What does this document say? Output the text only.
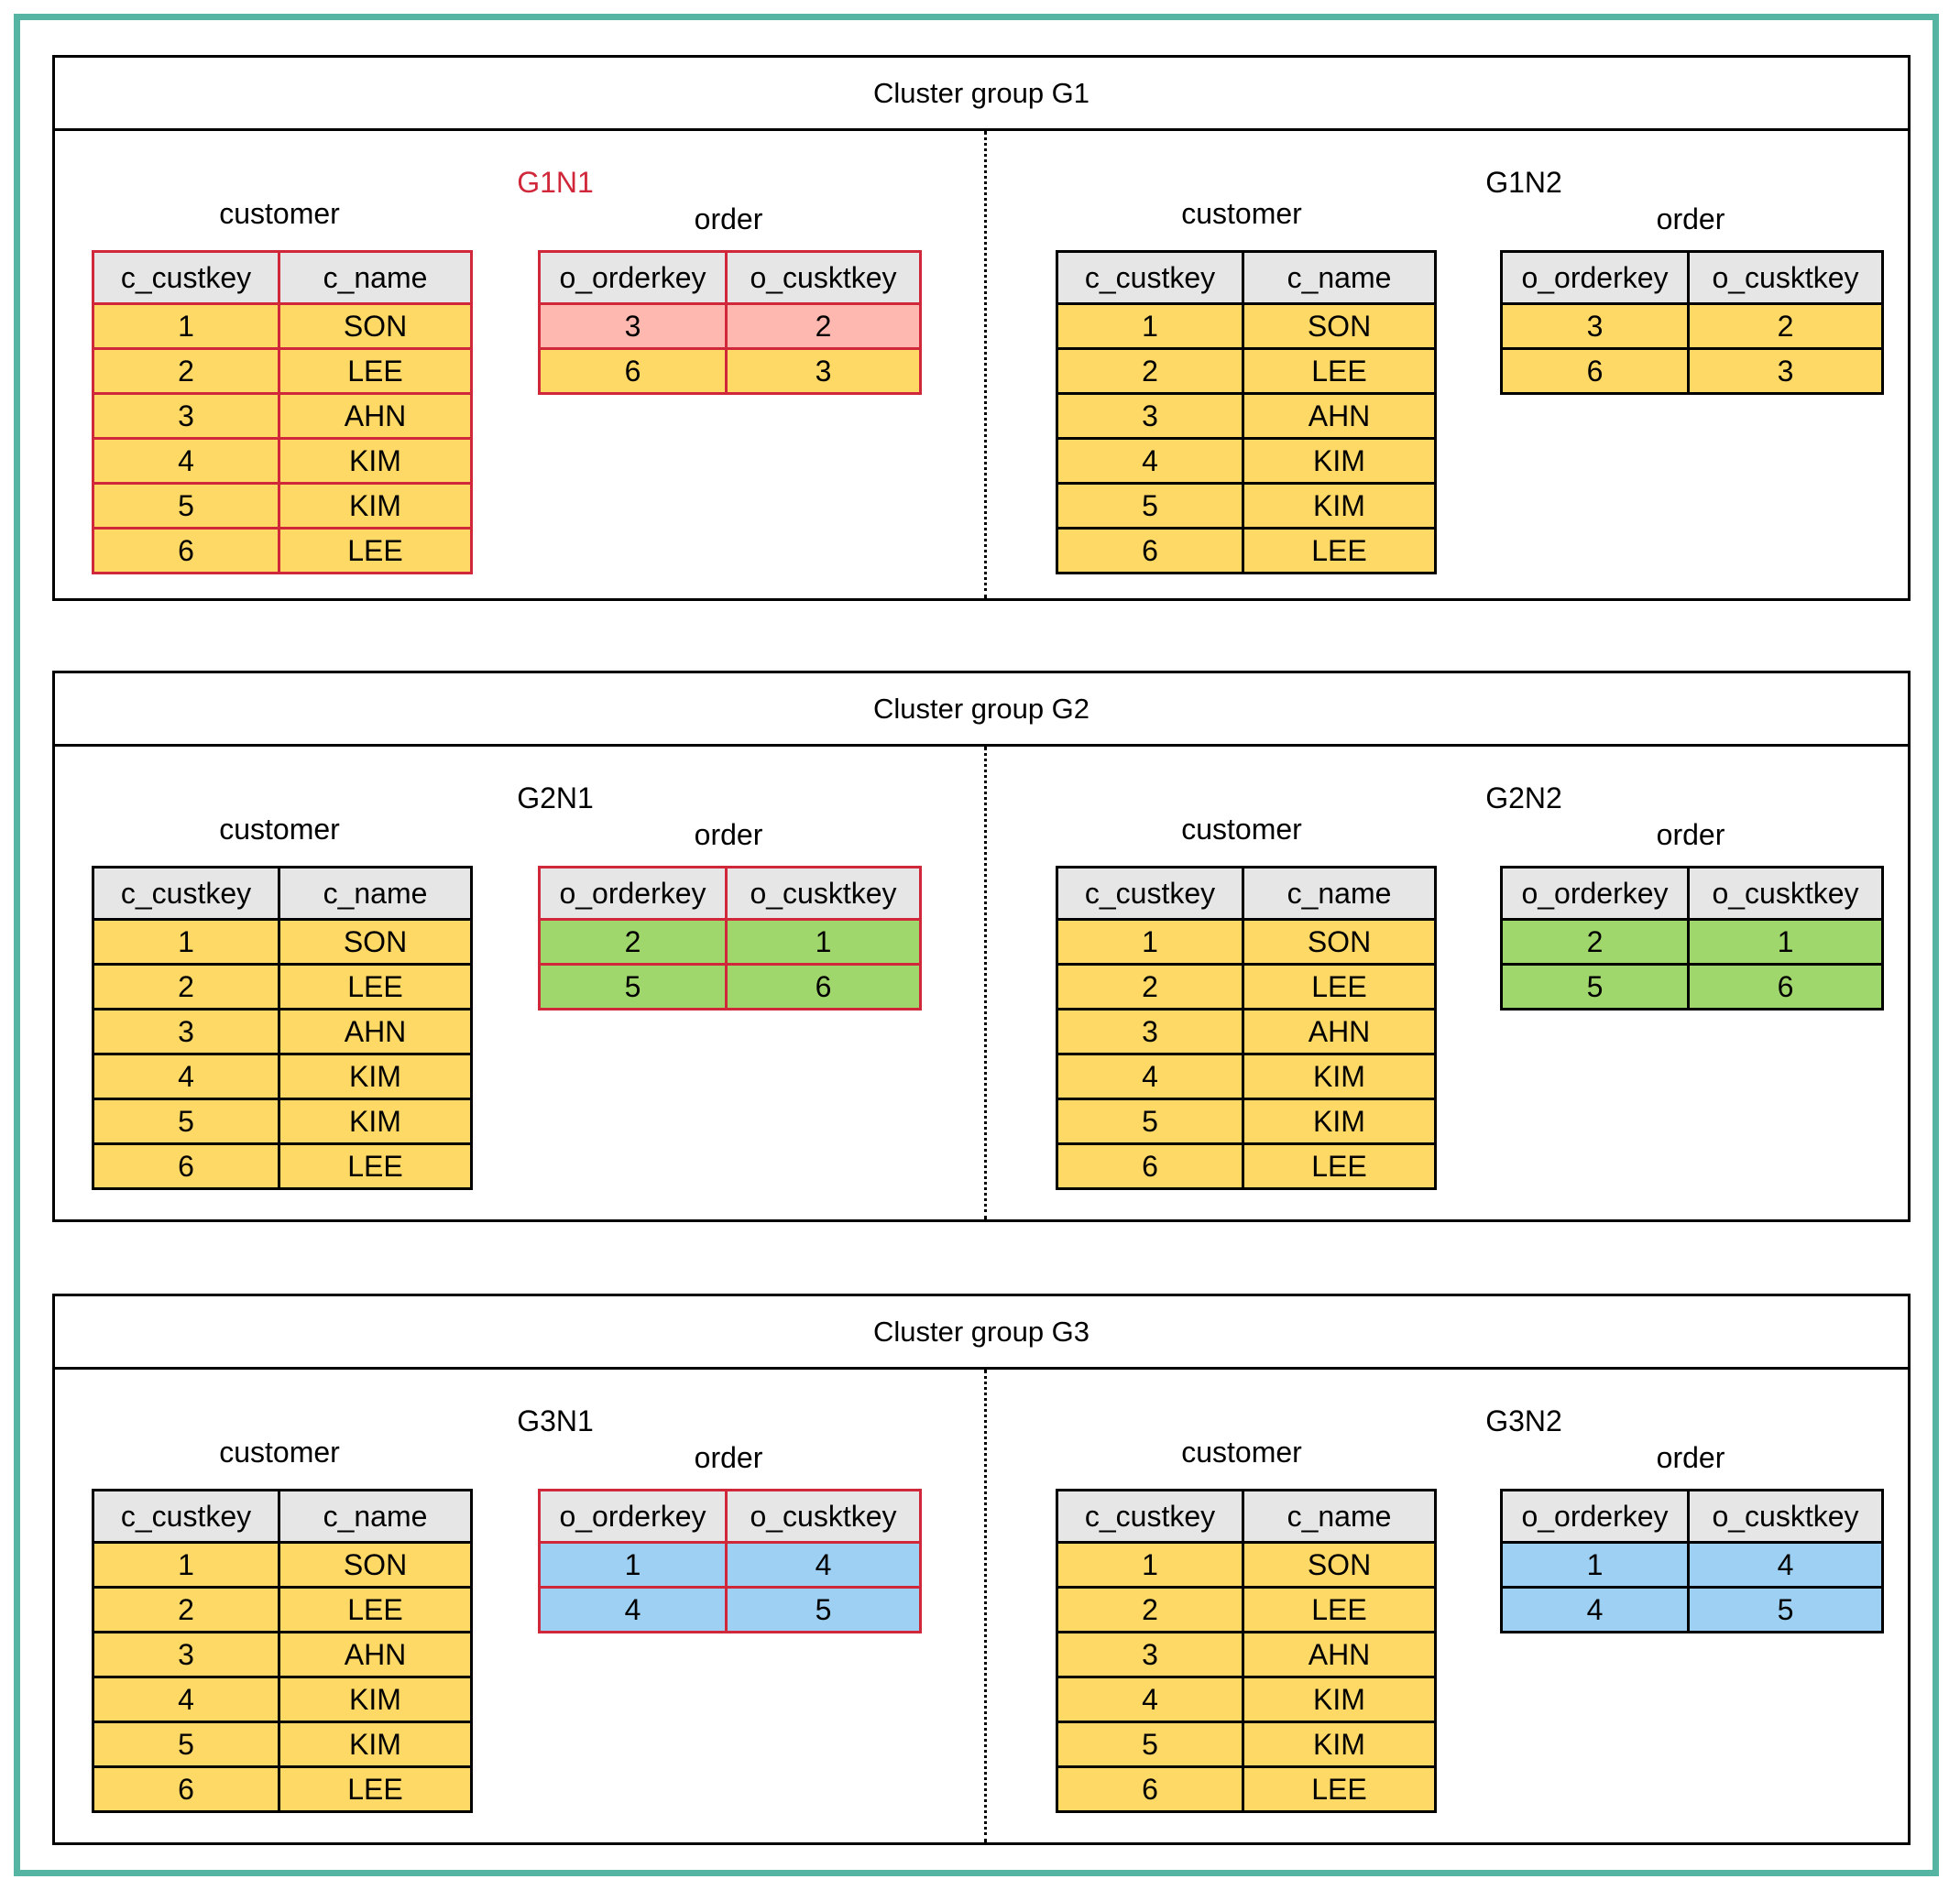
Cluster group G1
G1N1
customer	order
c_custkey	c_name
1	SON
2	LEE
3	AHN
4	KIM
5	KIM
6	LEE
o_orderkey	o_cusktkey
3	2
6	3
G1N2
customer	order
c_custkey	c_name
1	SON
2	LEE
3	AHN
4	KIM
5	KIM
6	LEE
o_orderkey	o_cusktkey
3	2
6	3
Cluster group G2
G2N1
customer	order
c_custkey	c_name
1	SON
2	LEE
3	AHN
4	KIM
5	KIM
6	LEE
o_orderkey	o_cusktkey
2	1
5	6
G2N2
customer	order
c_custkey	c_name
1	SON
2	LEE
3	AHN
4	KIM
5	KIM
6	LEE
o_orderkey	o_cusktkey
2	1
5	6
Cluster group G3
G3N1
customer	order
c_custkey	c_name
1	SON
2	LEE
3	AHN
4	KIM
5	KIM
6	LEE
o_orderkey	o_cusktkey
1	4
4	5
G3N2
customer	order
c_custkey	c_name
1	SON
2	LEE
3	AHN
4	KIM
5	KIM
6	LEE
o_orderkey	o_cusktkey
1	4
4	5
